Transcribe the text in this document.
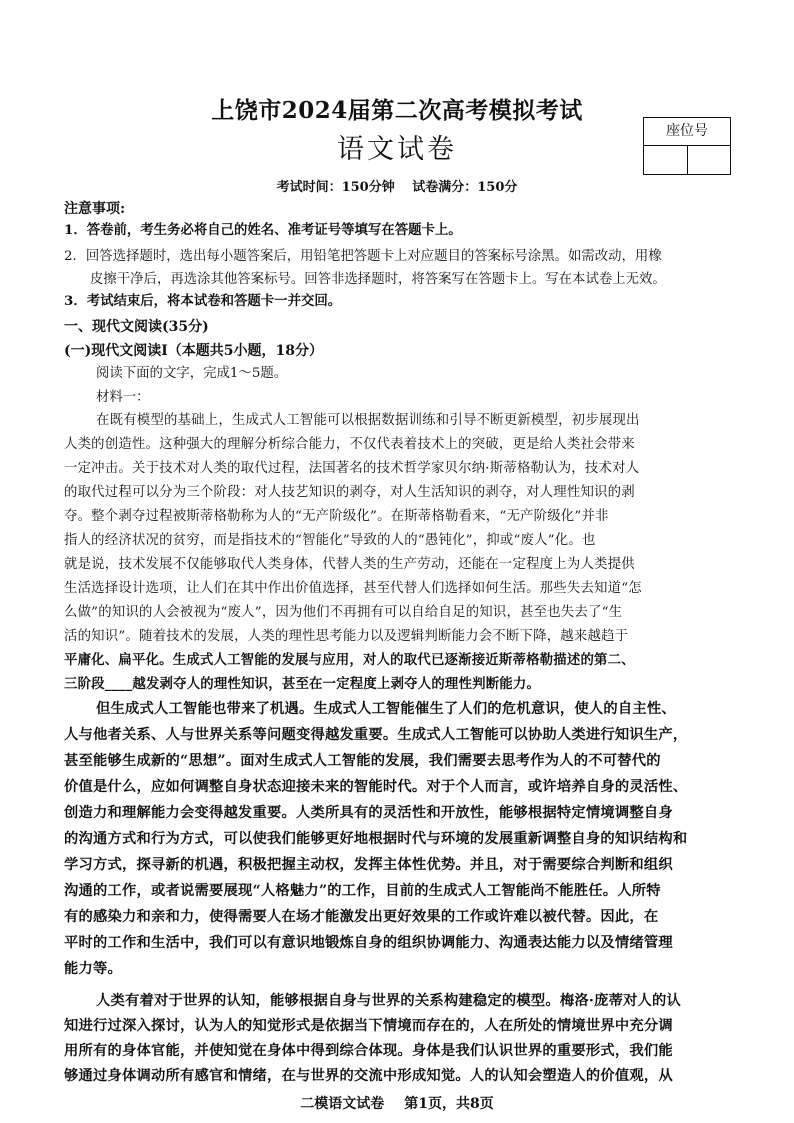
上饶市2024届第二次高考模拟考试
语文试卷
座位号
考试时间：150分钟　 试卷满分：150分
注意事项:
1．答卷前，考生务必将自己的姓名、准考证号等填写在答题卡上。
2．回答选择题时，选出每小题答案后，用铅笔把答题卡上对应题目的答案标号涂黑。如需改动，用橡
皮擦干净后，再选涂其他答案标号。回答非选择题时，将答案写在答题卡上。写在本试卷上无效。
3．考试结束后，将本试卷和答题卡一并交回。
一、现代文阅读(35分)
(一)现代文阅读Ⅰ（本题共5小题，18分）
阅读下面的文字，完成1～5题。
材料一：
在既有模型的基础上，生成式人工智能可以根据数据训练和引导不断更新模型，初步展现出
人类的创造性。这种强大的理解分析综合能力，不仅代表着技术上的突破，更是给人类社会带来
一定冲击。关于技术对人类的取代过程，法国著名的技术哲学家贝尔纳·斯蒂格勒认为，技术对人
的取代过程可以分为三个阶段：对人技艺知识的剥夺，对人生活知识的剥夺，对人理性知识的剥
夺。整个剥夺过程被斯蒂格勒称为人的“无产阶级化”。在斯蒂格勒看来，“无产阶级化”并非
指人的经济状况的贫穷，而是指技术的“智能化”导致的人的“愚钝化”，抑或“废人”化。也
就是说，技术发展不仅能够取代人类身体，代替人类的生产劳动，还能在一定程度上为人类提供
生活选择设计选项，让人们在其中作出价值选择，甚至代替人们选择如何生活。那些失去知道“怎
么做”的知识的人会被视为“废人”，因为他们不再拥有可以自给自足的知识，甚至也失去了“生
活的知识”。随着技术的发展，人类的理性思考能力以及逻辑判断能力会不断下降，越来越趋于
平庸化、扁平化。生成式人工智能的发展与应用，对人的取代已逐渐接近斯蒂格勒描述的第二、
三阶段____越发剥夺人的理性知识，甚至在一定程度上剥夺人的理性判断能力。
但生成式人工智能也带来了机遇。生成式人工智能催生了人们的危机意识，使人的自主性、
人与他者关系、人与世界关系等问题变得越发重要。生成式人工智能可以协助人类进行知识生产，
甚至能够生成新的“思想”。面对生成式人工智能的发展，我们需要去思考作为人的不可替代的
价值是什么，应如何调整自身状态迎接未来的智能时代。对于个人而言，或许培养自身的灵活性、
创造力和理解能力会变得越发重要。人类所具有的灵活性和开放性，能够根据特定情境调整自身
的沟通方式和行为方式，可以使我们能够更好地根据时代与环境的发展重新调整自身的知识结构和
学习方式，探寻新的机遇，积极把握主动权，发挥主体性优势。并且，对于需要综合判断和组织
沟通的工作，或者说需要展现“人格魅力”的工作，目前的生成式人工智能尚不能胜任。人所特
有的感染力和亲和力，使得需要人在场才能激发出更好效果的工作或许难以被代替。因此，在
平时的工作和生活中，我们可以有意识地锻炼自身的组织协调能力、沟通表达能力以及情绪管理
能力等。
人类有着对于世界的认知，能够根据自身与世界的关系构建稳定的模型。梅洛·庞蒂对人的认
知进行过深入探讨，认为人的知觉形式是依据当下情境而存在的，人在所处的情境世界中充分调
用所有的身体官能，并使知觉在身体中得到综合体现。身体是我们认识世界的重要形式，我们能
够通过身体调动所有感官和情绪，在与世界的交流中形成知觉。人的认知会塑造人的价值观，从
二模语文试卷 第1页，共8页
